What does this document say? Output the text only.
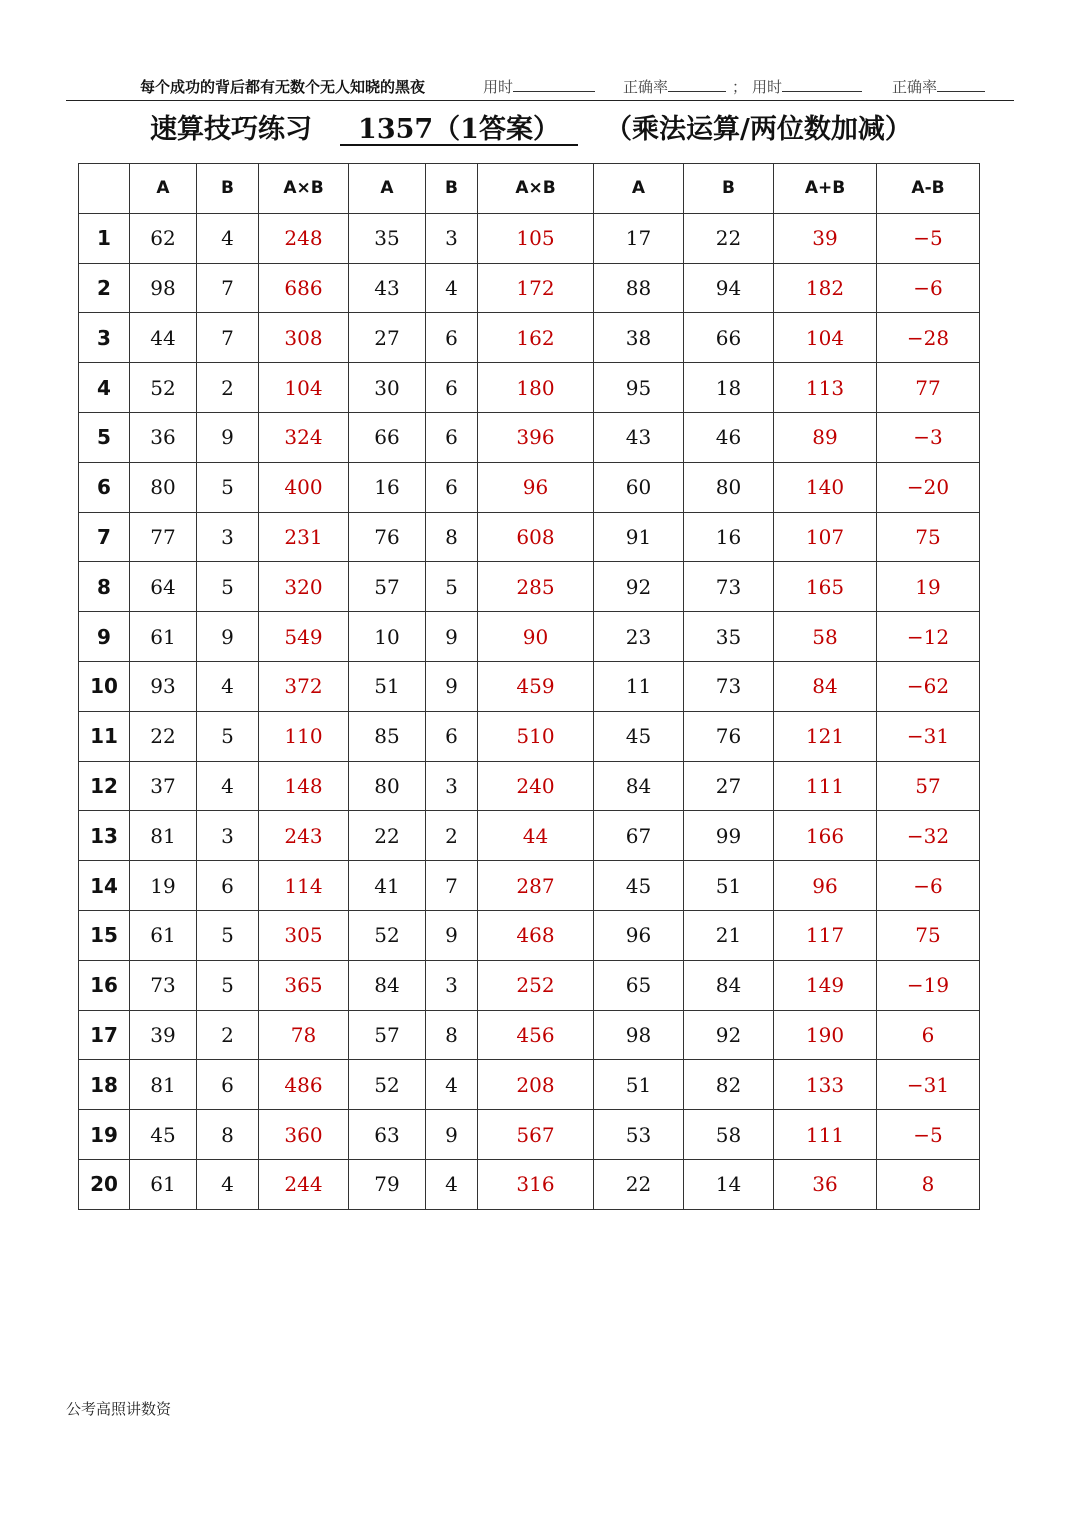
每个成功的背后都有无数个无人知晓的黑夜	用时	正确率	； 用时	正确率
速算技巧练习	1357（1答案）	（乘法运算/两位数加减）
	A	B	A×B	A	B	A×B	A	B	A+B	A-B
1	62	4	248	35	3	105	17	22	39	−5
2	98	7	686	43	4	172	88	94	182	−6
3	44	7	308	27	6	162	38	66	104	−28
4	52	2	104	30	6	180	95	18	113	77
5	36	9	324	66	6	396	43	46	89	−3
6	80	5	400	16	6	96	60	80	140	−20
7	77	3	231	76	8	608	91	16	107	75
8	64	5	320	57	5	285	92	73	165	19
9	61	9	549	10	9	90	23	35	58	−12
10	93	4	372	51	9	459	11	73	84	−62
11	22	5	110	85	6	510	45	76	121	−31
12	37	4	148	80	3	240	84	27	111	57
13	81	3	243	22	2	44	67	99	166	−32
14	19	6	114	41	7	287	45	51	96	−6
15	61	5	305	52	9	468	96	21	117	75
16	73	5	365	84	3	252	65	84	149	−19
17	39	2	78	57	8	456	98	92	190	6
18	81	6	486	52	4	208	51	82	133	−31
19	45	8	360	63	9	567	53	58	111	−5
20	61	4	244	79	4	316	22	14	36	8
公考高照讲数资
